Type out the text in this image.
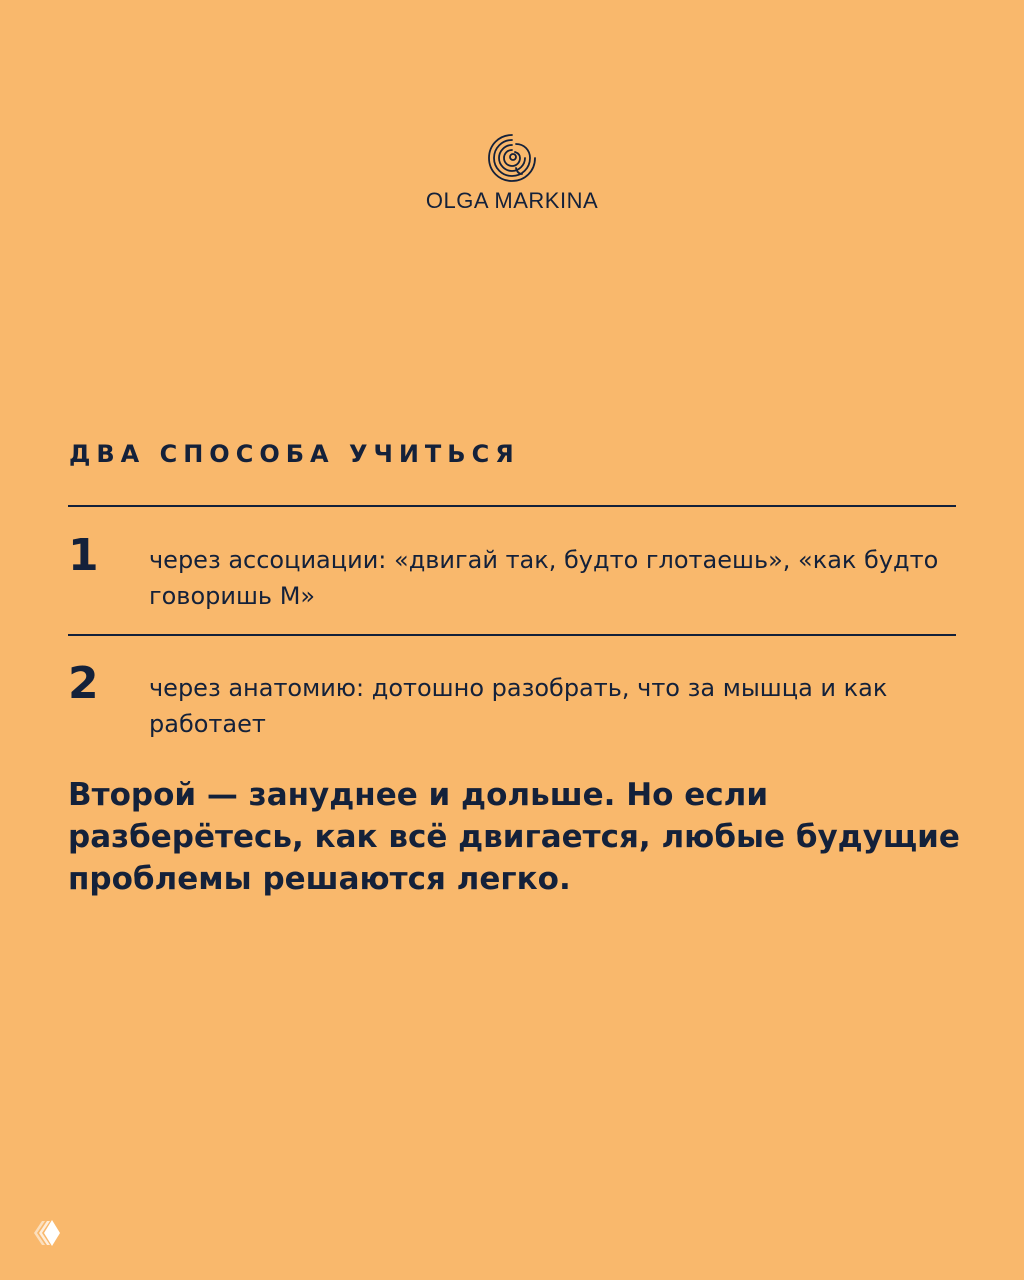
OLGA MARKINA
ДВА СПОСОБА УЧИТЬСЯ
1 через ассоциации: «двигай так, будто глотаешь», «как будто говоришь М»
2 через анатомию: дотошно разобрать, что за мышца и как работает

Второй — зануднее и дольше. Но если разберётесь, как всё двигается, любые будущие проблемы решаются легко.
